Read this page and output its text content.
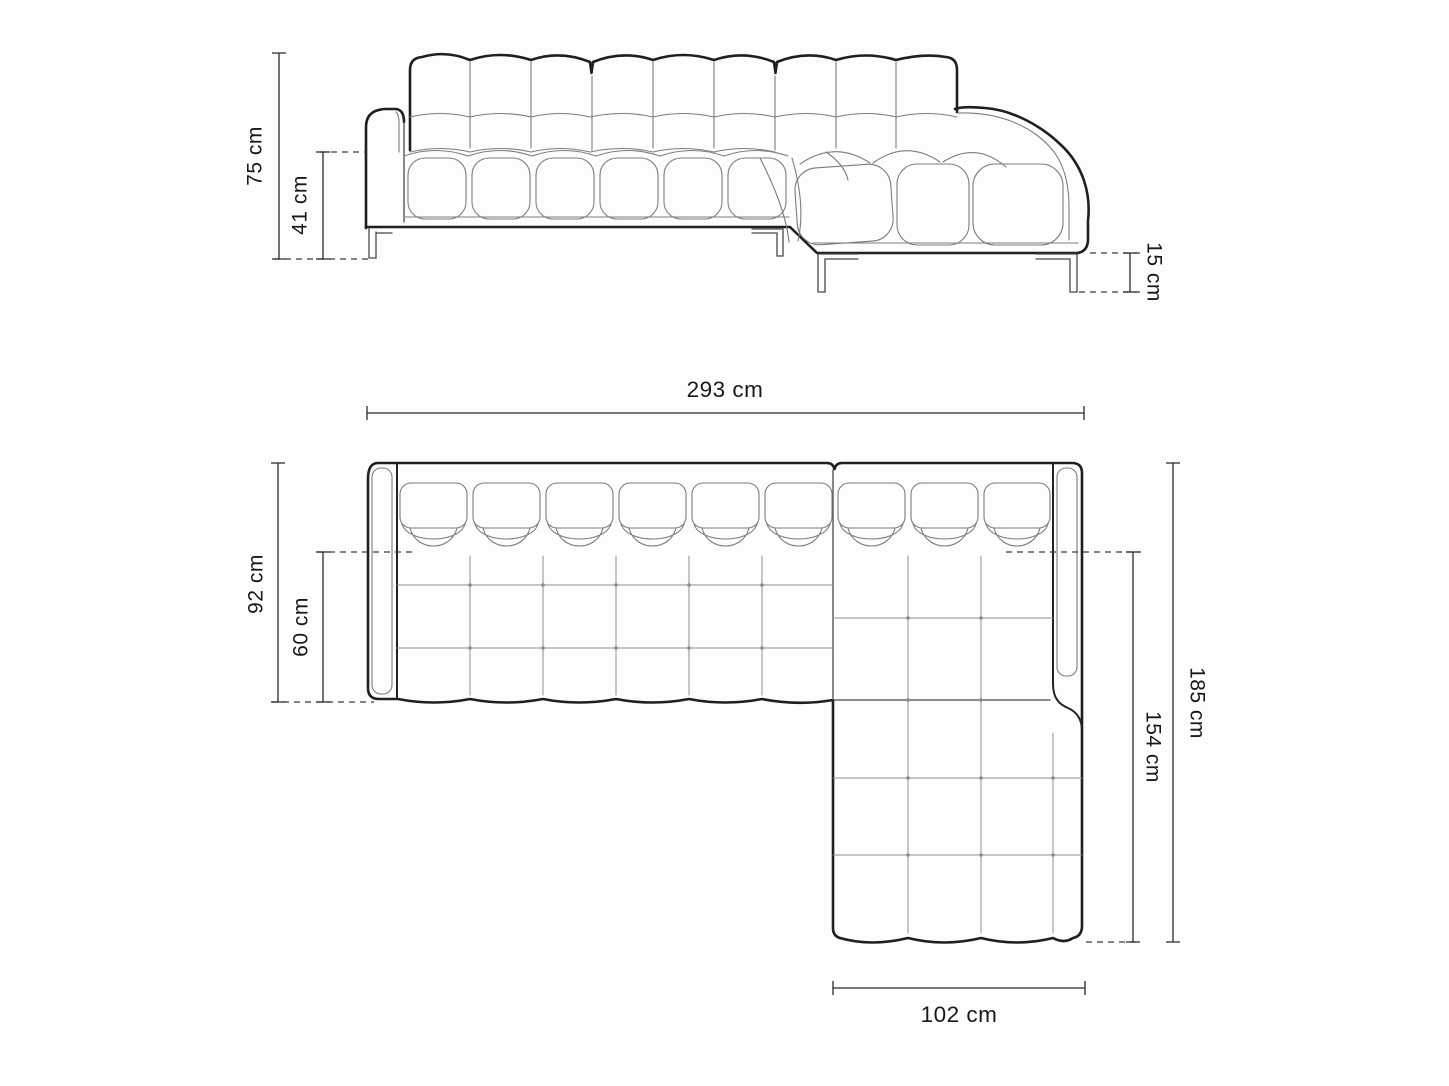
75 cm
41 cm
15 cm
293 cm
92 cm
60 cm
185 cm
154 cm
102 cm
